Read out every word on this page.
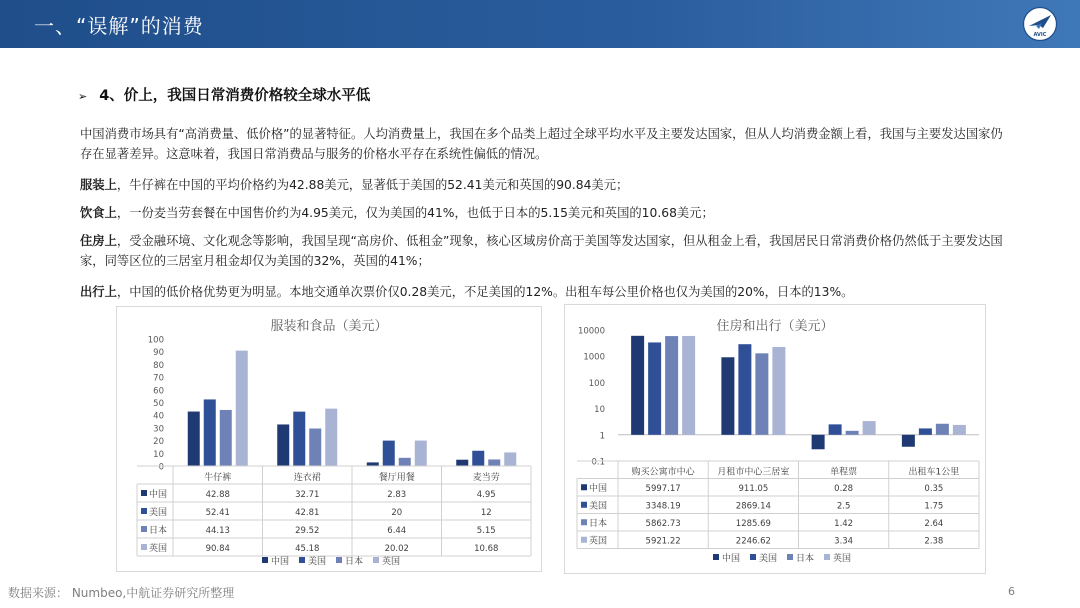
一、“误解”的消费	AVIC
➢ 4、价上，我国日常消费价格较全球水平低

中国消费市场具有“高消费量、低价格”的显著特征。人均消费量上，我国在多个品类上超过全球平均水平及主要发达国家，但从人均消费金额上看，我国与主要发达国家仍存在显著差异。这意味着，我国日常消费品与服务的价格水平存在系统性偏低的情况。

服装上，牛仔裤在中国的平均价格约为42.88美元，显著低于美国的52.41美元和英国的90.84美元；

饮食上，一份麦当劳套餐在中国售价约为4.95美元，仅为美国的41%，也低于日本的5.15美元和英国的10.68美元；

住房上，受金融环境、文化观念等影响，我国呈现“高房价、低租金”现象，核心区域房价高于美国等发达国家，但从租金上看，我国居民日常消费价格仍然低于主要发达国家，同等区位的三居室月租金却仅为美国的32%，英国的41%；

出行上，中国的低价格优势更为明显。本地交通单次票价仅0.28美元，不足美国的12%。出租车每公里价格也仅为美国的20%，日本的13%。

服装和食品（美元）
0
10
20
30
40
50
60
70
80
90
100
牛仔裤	连衣裙	餐厅用餐	麦当劳
中国	42.88	32.71	2.83	4.95
美国	52.41	42.81	20	12
日本	44.13	29.52	6.44	5.15
英国	90.84	45.18	20.02	10.68
中国 美国 日本 英国
住房和出行（美元）
0.1
1
10
100
1000
10000
购买公寓市中心	月租市中心三居室	单程票	出租车1公里
中国	5997.17	911.05	0.28	0.35
美国	3348.19	2869.14	2.5	1.75
日本	5862.73	1285.69	1.42	2.64
英国	5921.22	2246.62	3.34	2.38
中国 美国 日本 英国
数据来源： Numbeo,中航证券研究所整理	6
